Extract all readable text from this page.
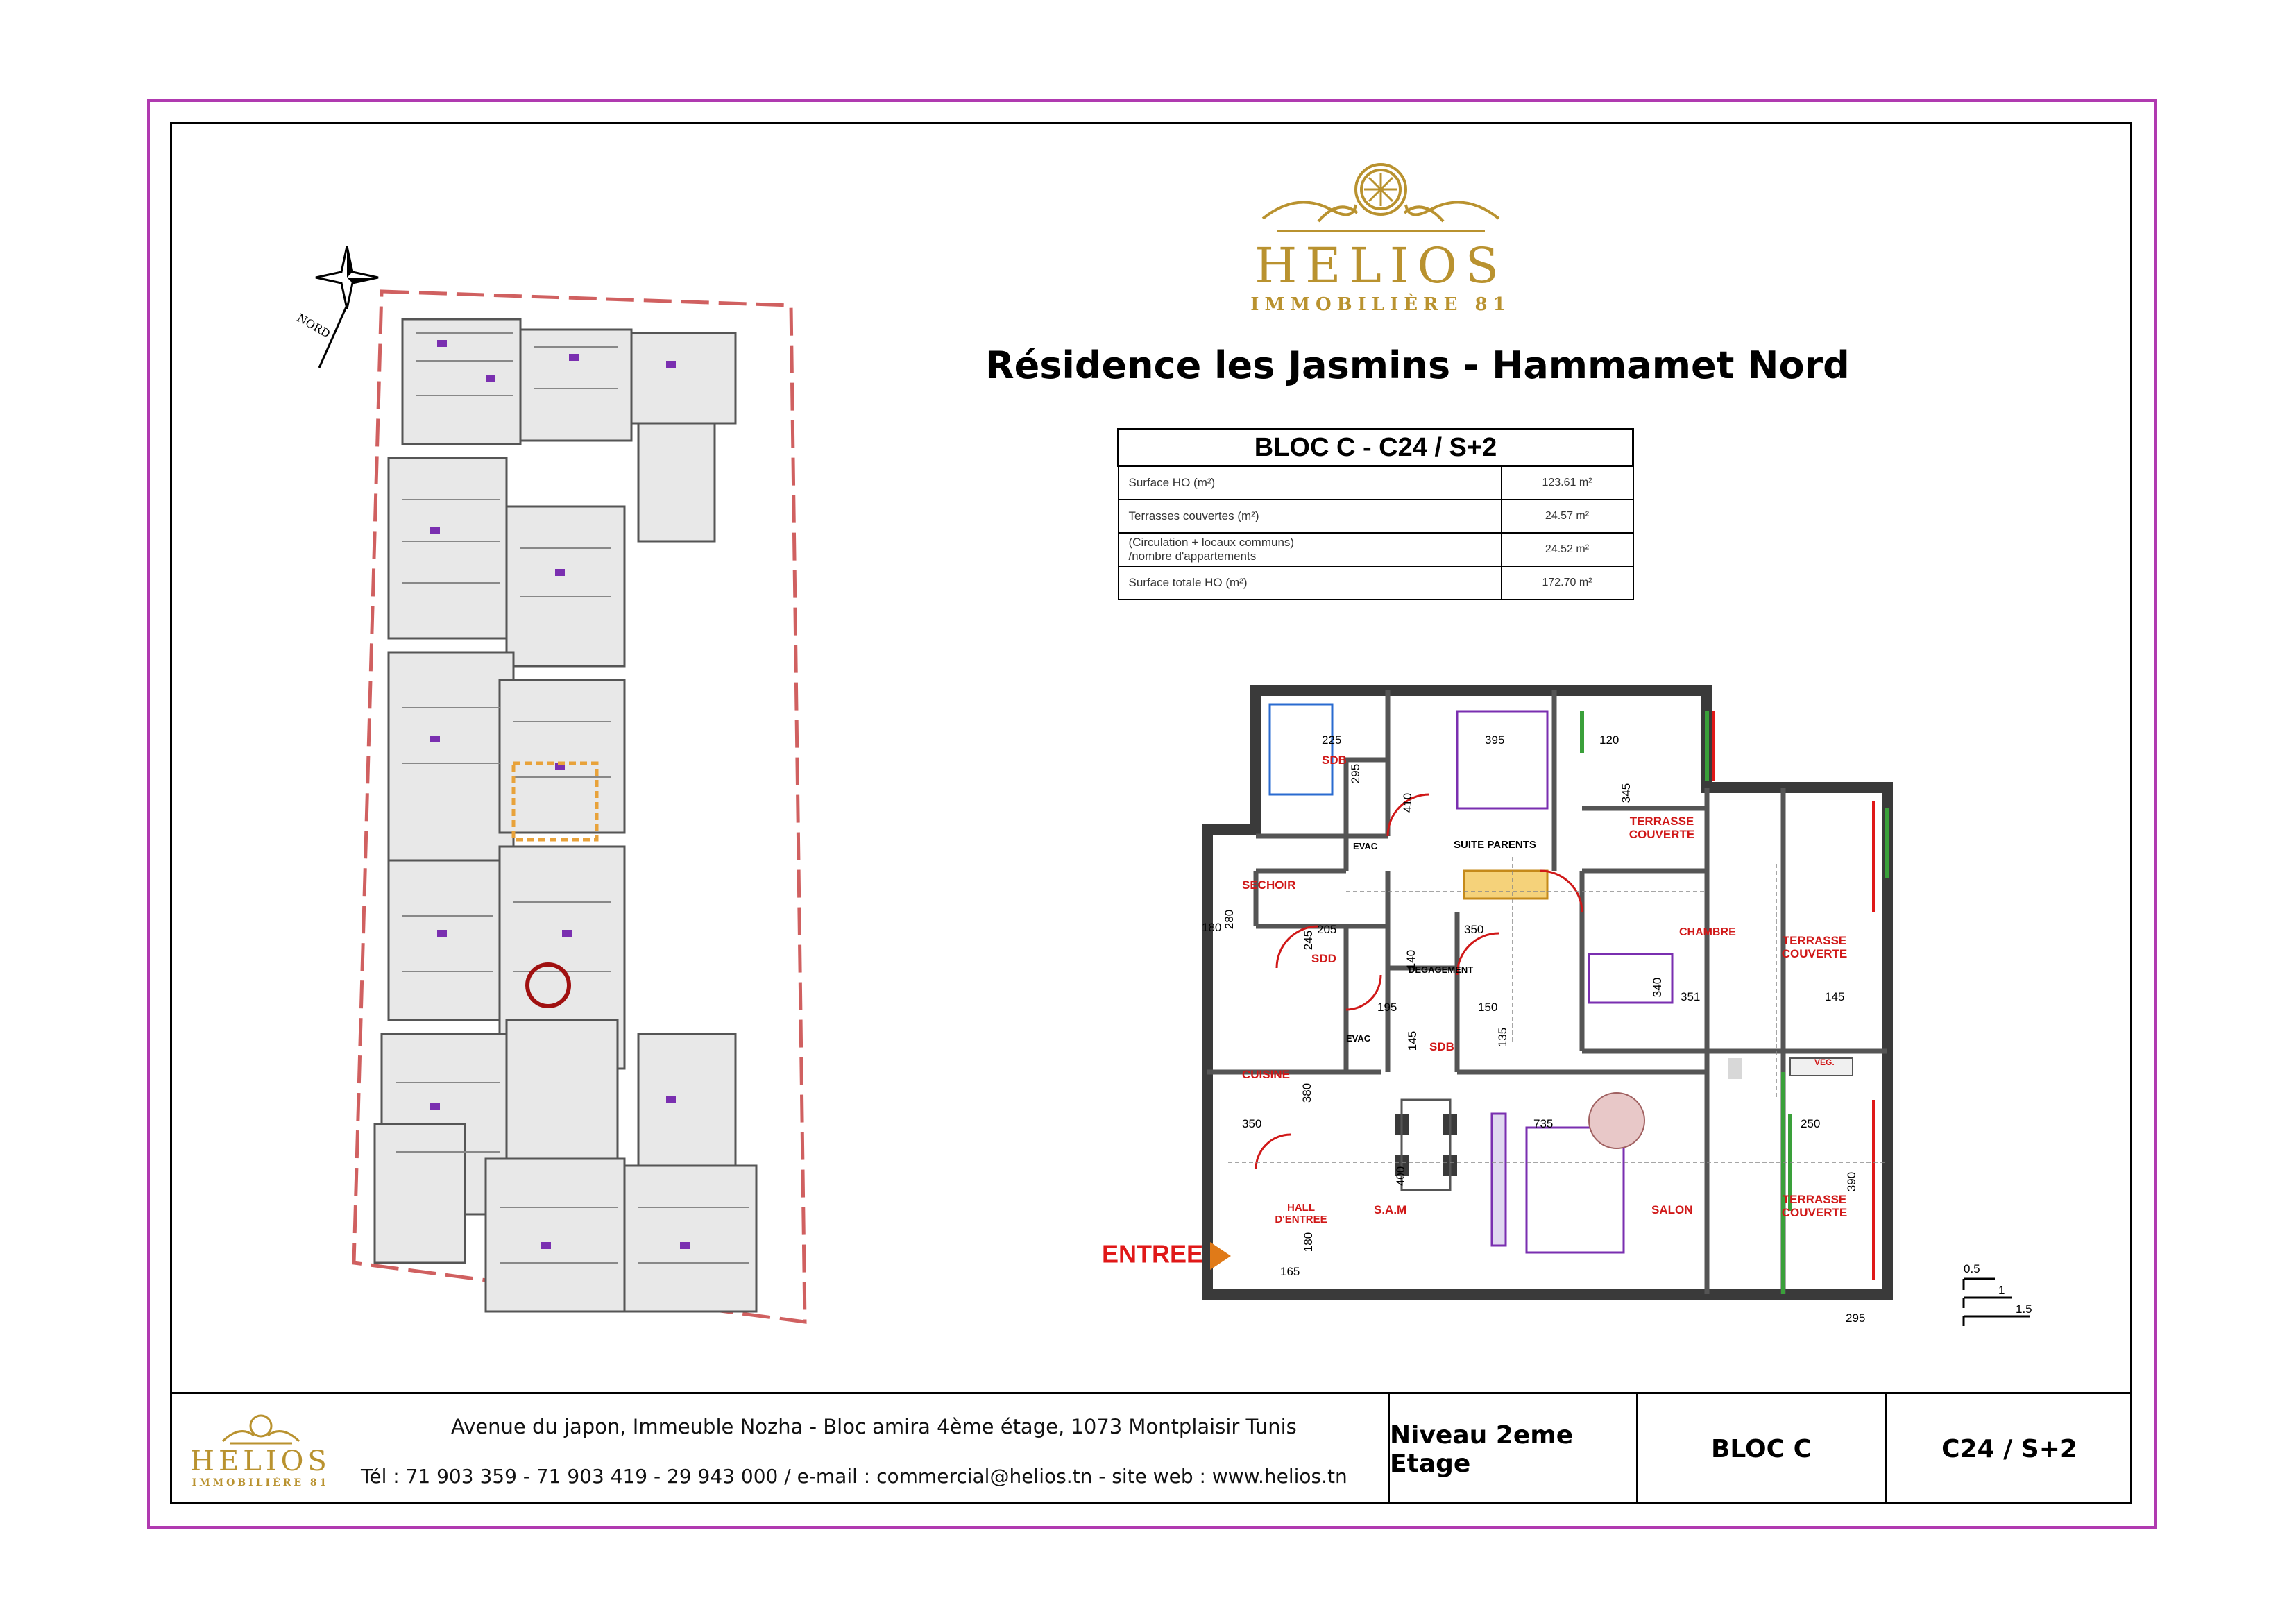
HELIOS
IMMOBILIÈRE 81
Résidence les Jasmins - Hammamet Nord
BLOC C - C24 / S+2	
Surface HO (m²)	123.61 m²
Terrasses couvertes (m²)	24.57 m²
(Circulation + locaux communs)
/nombre d'appartements	24.52 m²
Surface totale HO (m²)	172.70 m²
NORD
SDB
EVAC	SUITE PARENTS
TERRASSE
COUVERTE
SECHOIR
SDD
DEGAGEMENT
CHAMBRE
TERRASSE
COUVERTE
EVAC
SDB
CUISINE
VEG.
HALL
D'ENTREE
S.A.M	SALON
TERRASSE
COUVERTE
225
295
395	120
345
410
280
180
245
205	350
140
295
340 351	145
195	150
145	135
380
350	735	250
390
180
400
165
ENTREE
0.5
1
1.5
HELIOS
IMMOBILIÈRE 81
Avenue du japon, Immeuble Nozha - Bloc amira 4ème étage, 1073 Montplaisir Tunis
Tél : 71 903 359 - 71 903 419 - 29 943 000 / e-mail : commercial@helios.tn - site web : www.helios.tn
Niveau 2eme Etage	BLOC C	C24 / S+2
